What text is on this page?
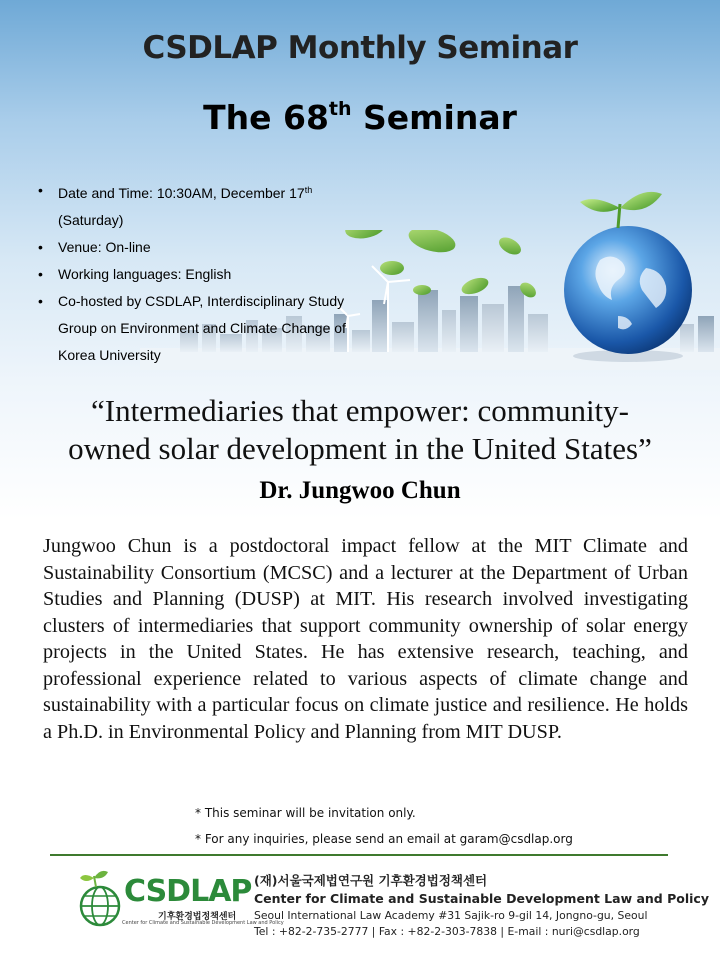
CSDLAP Monthly Seminar
The 68th Seminar
• Date and Time: 10:30AM, December 17th (Saturday)
• Venue: On-line
• Working languages: English
• Co-hosted by CSDLAP, Interdisciplinary Study
Group on Environment and Climate Change of
Korea University
“Intermediaries that empower: community-
owned solar development in the United States”
Dr. Jungwoo Chun

Jungwoo Chun is a postdoctoral impact fellow at the MIT Climate and Sustainability Consortium (MCSC) and a lecturer at the Department of Urban Studies and Planning (DUSP) at MIT. His research involved investigating clusters of intermediaries that support community ownership of solar energy projects in the United States. He has extensive research, teaching, and professional experience related to various aspects of climate change and sustainability with a particular focus on climate justice and resilience. He holds a Ph.D. in Environmental Policy and Planning from MIT DUSP.

* This seminar will be invitation only.
* For any inquiries, please send an email at garam@csdlap.org
CSDLAP
기후환경법정책센터
Center for Climate and Sustainable Development Law and Policy
(재)서울국제법연구원 기후환경법정책센터
Center for Climate and Sustainable Development Law and Policy
Seoul International Law Academy #31 Sajik-ro 9-gil 14, Jongno-gu, Seoul
Tel : +82-2-735-2777 | Fax : +82-2-303-7838 | E-mail : nuri@csdlap.org
